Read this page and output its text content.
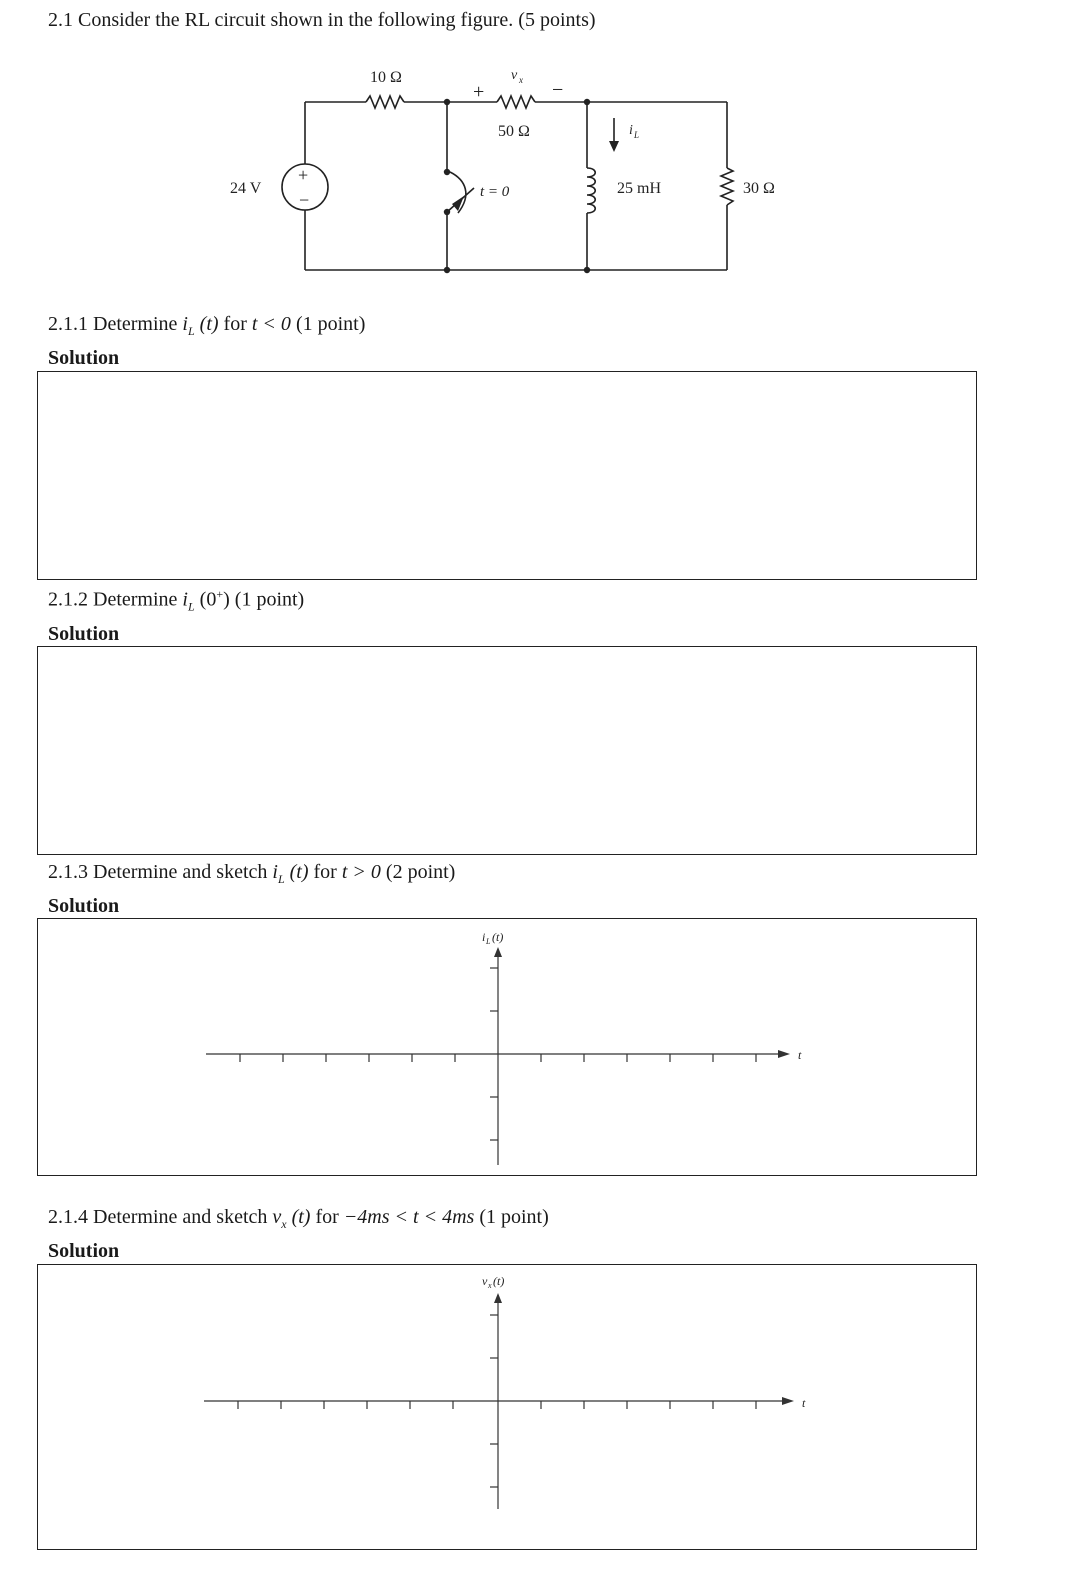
2.1 Consider the RL circuit shown in the following figure. (5 points)
10 Ω
50 Ω
30 Ω
24 V	25 mH
t = 0
+
−
+	−
v x
i L
2.1.1 Determine $i_L$ (t) for t < 0 (1 point)
Solution
2.1.2 Determine $i_L$ (0+) (1 point)
Solution
2.1.3 Determine and sketch $i_L$ (t) for t > 0 (2 point)
Solution
i L (t)
t
2.1.4 Determine and sketch $v_x$ (t) for −4ms < t < 4ms (1 point)
Solution
v x (t)
t
